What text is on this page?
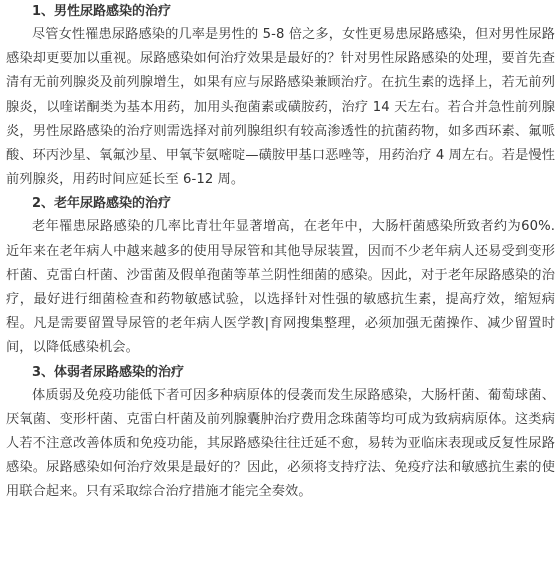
1、男性尿路感染的治疗

尽管女性罹患尿路感染的几率是男性的 5-8 倍之多，女性更易患尿路感染，但对男性尿路感染却更要加以重视。尿路感染如何治疗效果是最好的？针对男性尿路感染的处理，要首先查清有无前列腺炎及前列腺增生，如果有应与尿路感染兼顾治疗。在抗生素的选择上，若无前列腺炎，以喹诺酮类为基本用药，加用头孢菌素或磺胺药，治疗 14 天左右。若合并急性前列腺炎，男性尿路感染的治疗则需选择对前列腺组织有较高渗透性的抗菌药物，如多西环素、氟哌酸、环丙沙星、氧氟沙星、甲氧苄氨嘧啶—磺胺甲基口恶唑等，用药治疗 4 周左右。若是慢性前列腺炎，用药时间应延长至 6-12 周。

2、老年尿路感染的治疗

老年罹患尿路感染的几率比青壮年显著增高，在老年中，大肠杆菌感染所致者约为60%.近年来在老年病人中越来越多的使用导尿管和其他导尿装置，因而不少老年病人还易受到变形杆菌、克雷白杆菌、沙雷菌及假单孢菌等革兰阴性细菌的感染。因此，对于老年尿路感染的治疗，最好进行细菌检查和药物敏感试验，以选择针对性强的敏感抗生素，提高疗效，缩短病程。凡是需要留置导尿管的老年病人医学教|育网搜集整理，必须加强无菌操作、减少留置时间，以降低感染机会。

3、体弱者尿路感染的治疗

体质弱及免疫功能低下者可因多种病原体的侵袭而发生尿路感染，大肠杆菌、葡萄球菌、厌氧菌、变形杆菌、克雷白杆菌及前列腺囊肿治疗费用念珠菌等均可成为致病病原体。这类病人若不注意改善体质和免疫功能，其尿路感染往往迁延不愈，易转为亚临床表现或反复性尿路感染。尿路感染如何治疗效果是最好的？因此，必须将支持疗法、免疫疗法和敏感抗生素的使用联合起来。只有采取综合治疗措施才能完全奏效。
